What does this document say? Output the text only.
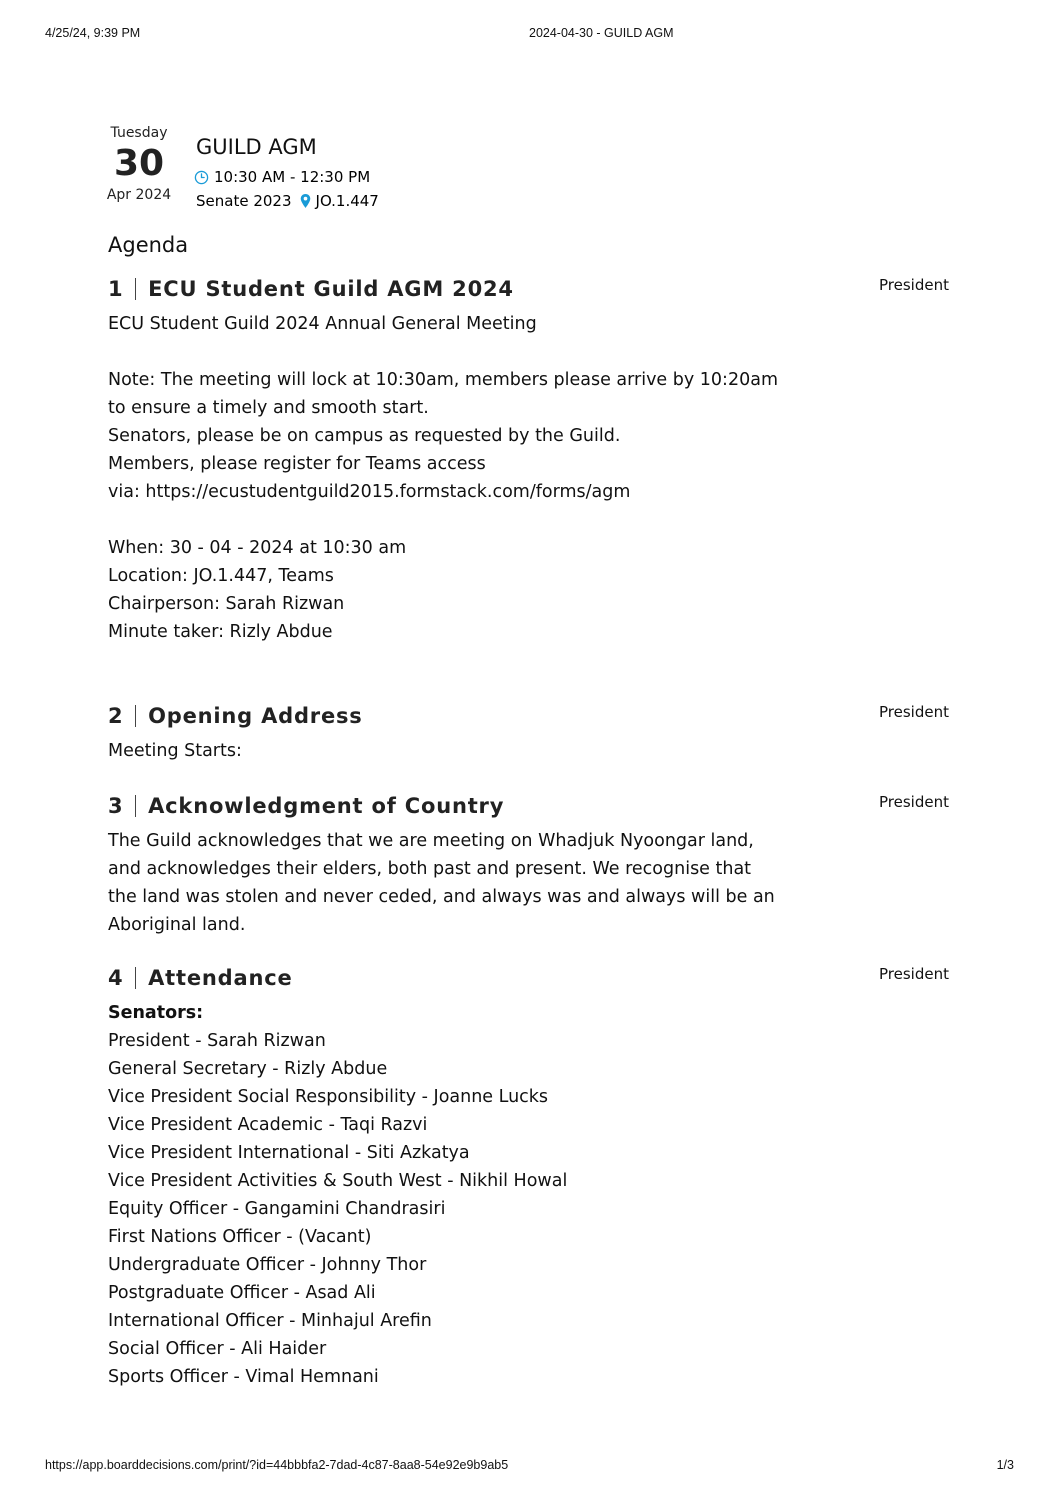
4/25/24, 9:39 PM	2024-04-30 - GUILD AGM
Tuesday
30
Apr 2024
GUILD AGM
10:30 AM - 12:30 PM
Senate 2023 JO.1.447
Agenda
1 ECU Student Guild AGM 2024	President
ECU Student Guild 2024 Annual General Meeting
Note: The meeting will lock at 10:30am, members please arrive by 10:20am
to ensure a timely and smooth start.
Senators, please be on campus as requested by the Guild.
Members, please register for Teams access
via: https://ecustudentguild2015.formstack.com/forms/agm
When: 30 - 04 - 2024 at 10:30 am
Location: JO.1.447, Teams
Chairperson: Sarah Rizwan
Minute taker: Rizly Abdue
2 Opening Address	President
Meeting Starts:
3 Acknowledgment of Country	President
The Guild acknowledges that we are meeting on Whadjuk Nyoongar land,
and acknowledges their elders, both past and present. We recognise that
the land was stolen and never ceded, and always was and always will be an
Aboriginal land.
4 Attendance	President
Senators:
President - Sarah Rizwan
General Secretary - Rizly Abdue
Vice President Social Responsibility - Joanne Lucks
Vice President Academic - Taqi Razvi
Vice President International - Siti Azkatya
Vice President Activities & South West - Nikhil Howal
Equity Officer - Gangamini Chandrasiri
First Nations Officer - (Vacant)
Undergraduate Officer - Johnny Thor
Postgraduate Officer - Asad Ali
International Officer - Minhajul Arefin
Social Officer - Ali Haider
Sports Officer - Vimal Hemnani
https://app.boarddecisions.com/print/?id=44bbbfa2-7dad-4c87-8aa8-54e92e9b9ab5	1/3
